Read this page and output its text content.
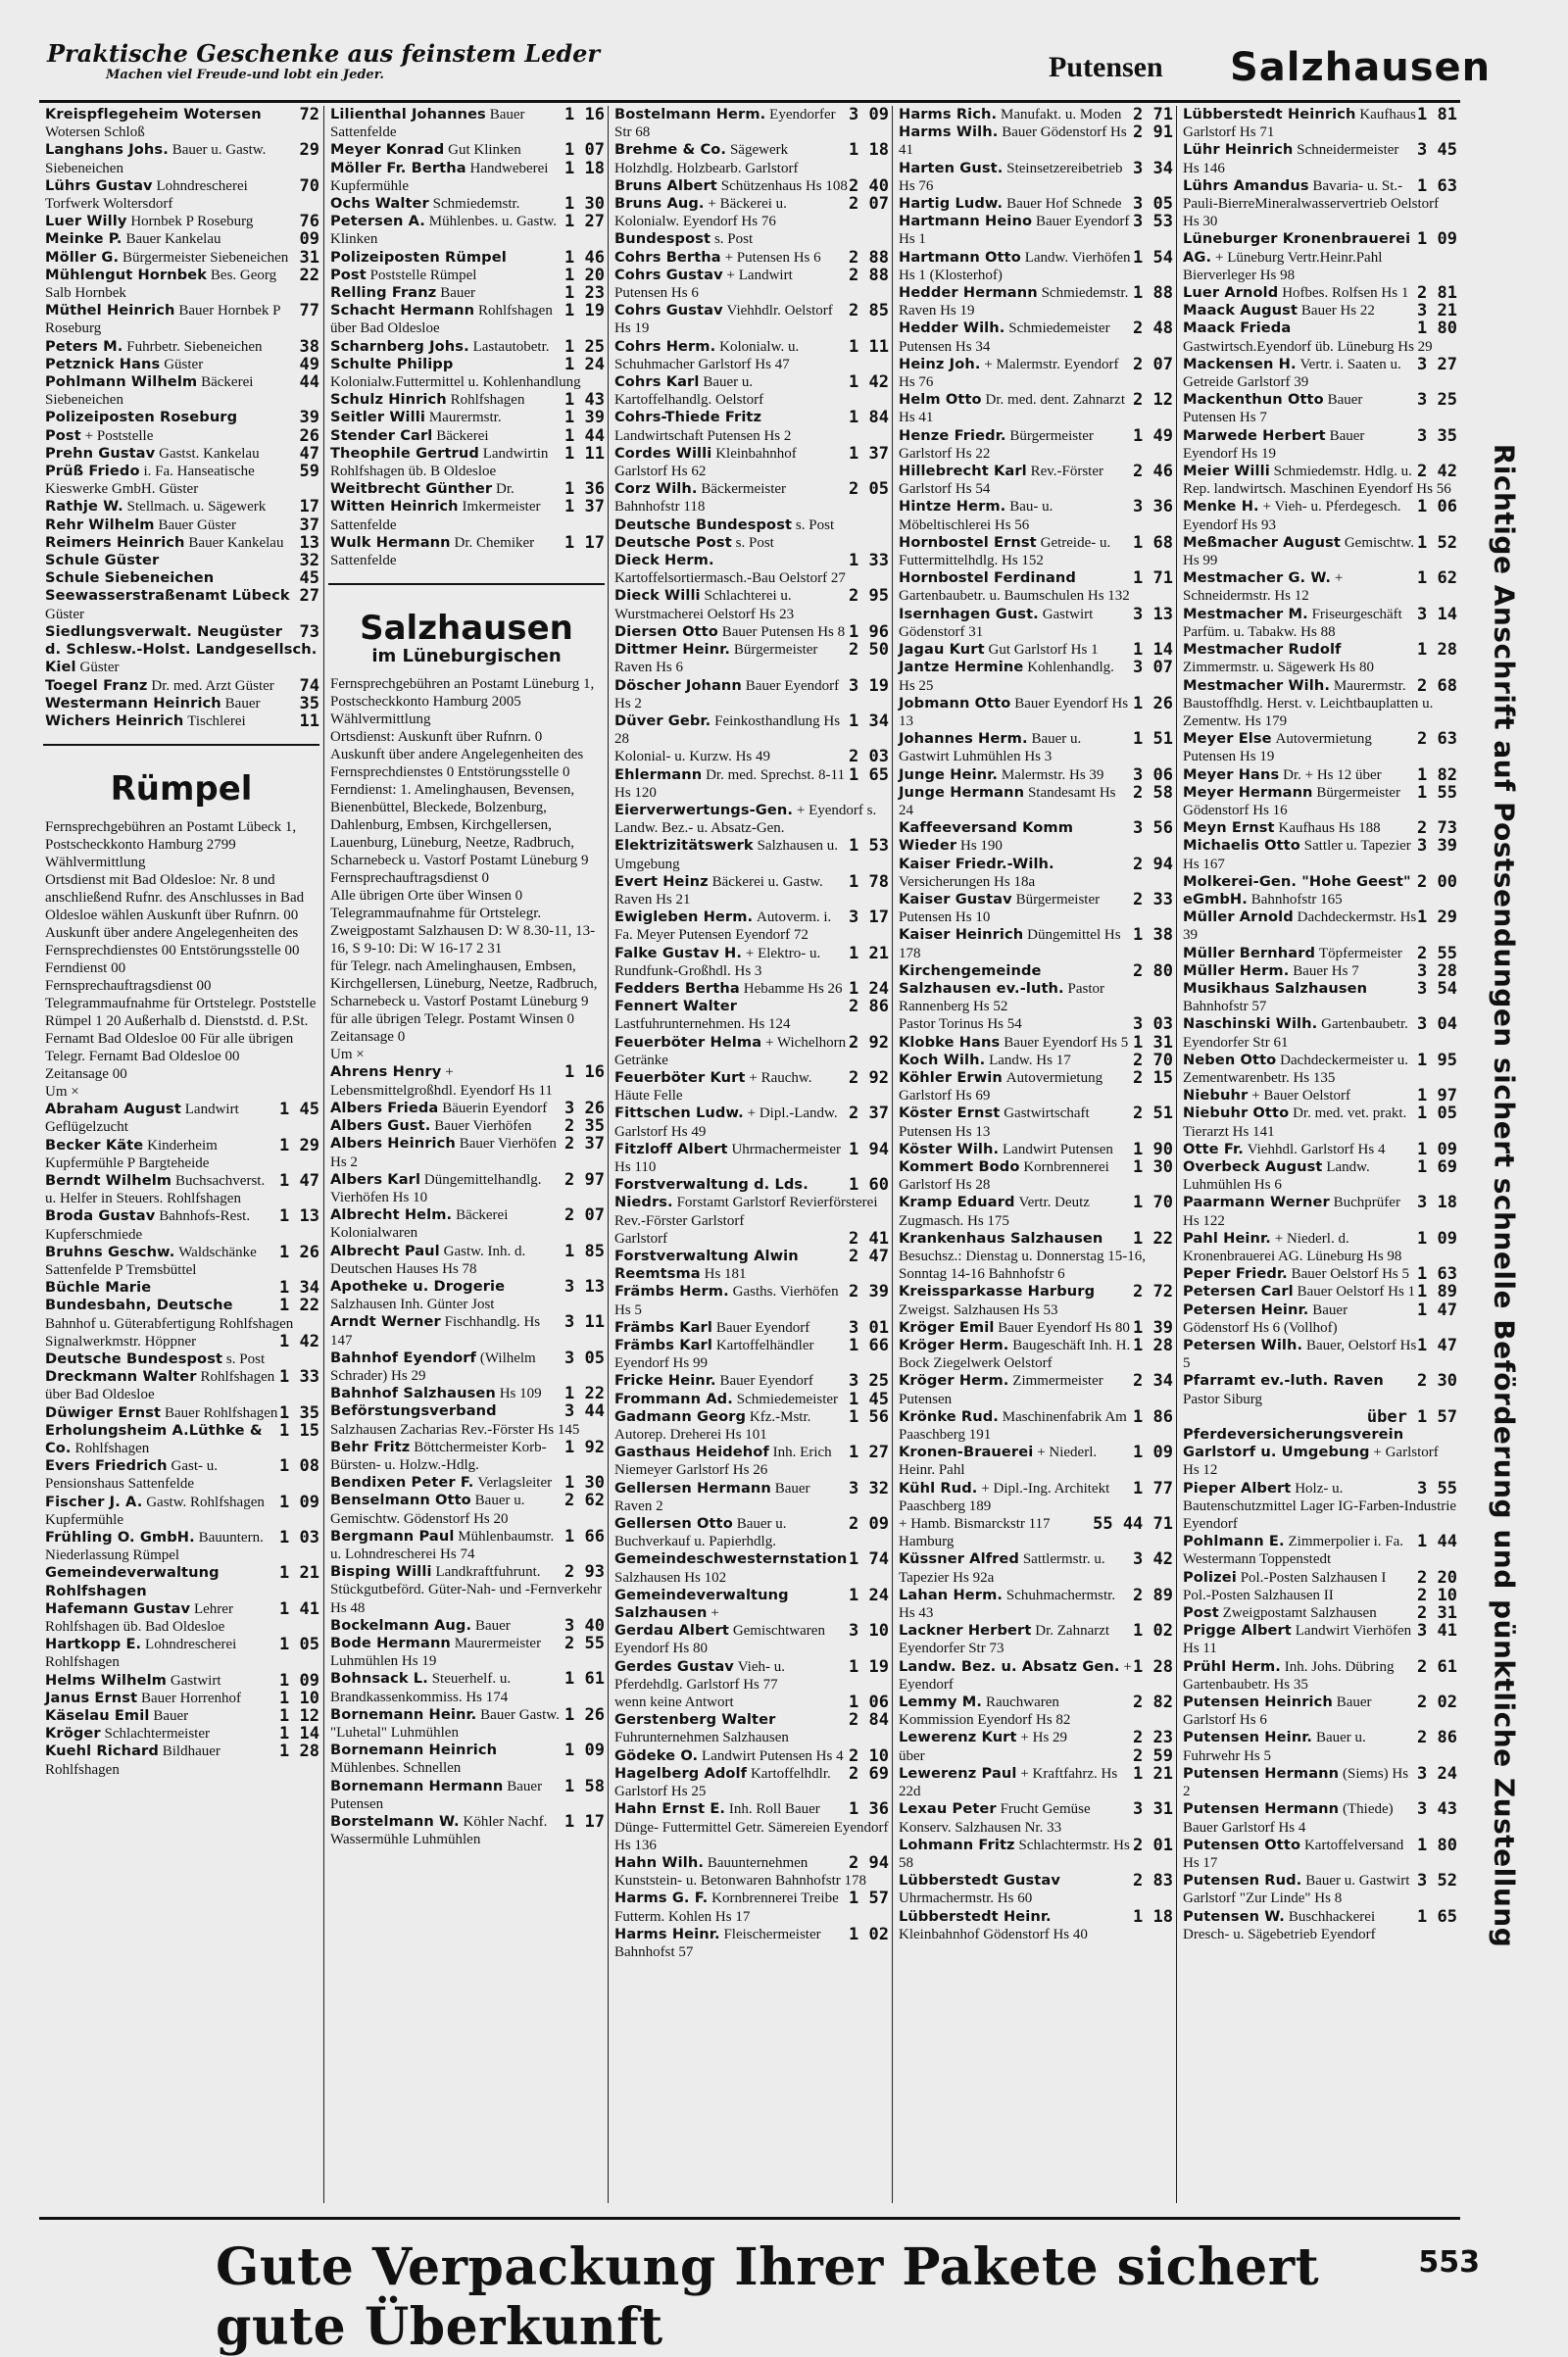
Praktische Geschenke aus feinstem Leder
Machen viel Freude-und lobt ein Jeder.	Putensen Salzhausen
72
Kreispflegeheim Wotersen Wotersen Schloß
29
Langhans Johs. Bauer u. Gastw. Siebeneichen
70
Lührs Gustav Lohndrescherei Torfwerk Woltersdorf
76
Luer Willy Hornbek P Roseburg
09
Meinke P. Bauer Kankelau
31
Möller G. Bürgermeister Siebeneichen
22
Mühlengut Hornbek Bes. Georg Salb Hornbek
77
Müthel Heinrich Bauer Hornbek P Roseburg
38
Peters M. Fuhrbetr. Siebeneichen
49
Petznick Hans Güster
44
Pohlmann Wilhelm Bäckerei Siebeneichen
39
Polizeiposten Roseburg
26
Post + Poststelle
47
Prehn Gustav Gastst. Kankelau
59
Prüß Friedo i. Fa. Hanseatische Kieswerke GmbH. Güster
17
Rathje W. Stellmach. u. Sägewerk
37
Rehr Wilhelm Bauer Güster
13
Reimers Heinrich Bauer Kankelau
32
Schule Güster
45
Schule Siebeneichen
27
Seewasserstraßenamt Lübeck Güster
73
Siedlungsverwalt. Neugüster d. Schlesw.-Holst. Landgesellsch. Kiel Güster
74
Toegel Franz Dr. med. Arzt Güster
35
Westermann Heinrich Bauer
11
Wichers Heinrich Tischlerei
Rümpel
Fernsprechgebühren an Postamt Lübeck 1, Postscheckkonto Hamburg 2799
Wählvermittlung
Ortsdienst mit Bad Oldesloe: Nr. 8 und anschließend Rufnr. des Anschlusses in Bad Oldesloe wählen Auskunft über Rufnrn. 00
Auskunft über andere Angelegenheiten des Fernsprechdienstes 00 Entstörungsstelle 00
Ferndienst 00
Fernsprechauftragsdienst 00
Telegrammaufnahme für Ortstelegr. Poststelle Rümpel 1 20 Außerhalb d. Dienststd. d. P.St. Fernamt Bad Oldesloe 00 Für alle übrigen Telegr. Fernamt Bad Oldesloe 00
Zeitansage 00
Um ×
1 45
Abraham August Landwirt Geflügelzucht
1 29
Becker Käte Kinderheim Kupfermühle P Bargteheide
1 47
Berndt Wilhelm Buchsachverst. u. Helfer in Steuers. Rohlfshagen
1 13
Broda Gustav Bahnhofs-Rest. Kupferschmiede
1 26
Bruhns Geschw. Waldschänke Sattenfelde P Tremsbüttel
1 34
Büchle Marie
1 22
Bundesbahn, Deutsche Bahnhof u. Güterabfertigung Rohlfshagen
1 42
Signalwerkmstr. Höppner
Deutsche Bundespost s. Post
1 33
Dreckmann Walter Rohlfshagen über Bad Oldesloe
1 35
Düwiger Ernst Bauer Rohlfshagen
1 15
Erholungsheim A.Lüthke & Co. Rohlfshagen
1 08
Evers Friedrich Gast- u. Pensionshaus Sattenfelde
1 09
Fischer J. A. Gastw. Rohlfshagen Kupfermühle
1 03
Frühling O. GmbH. Bauuntern. Niederlassung Rümpel
1 21
Gemeindeverwaltung Rohlfshagen
1 41
Hafemann Gustav Lehrer Rohlfshagen üb. Bad Oldesloe
1 05
Hartkopp E. Lohndrescherei Rohlfshagen
1 09
Helms Wilhelm Gastwirt
1 10
Janus Ernst Bauer Horrenhof
1 12
Käselau Emil Bauer
1 14
Kröger Schlachtermeister
1 28
Kuehl Richard Bildhauer Rohlfshagen
1 16
Lilienthal Johannes Bauer Sattenfelde
1 07
Meyer Konrad Gut Klinken
1 18
Möller Fr. Bertha Handweberei Kupfermühle
1 30
Ochs Walter Schmiedemstr.
1 27
Petersen A. Mühlenbes. u. Gastw. Klinken
1 46
Polizeiposten Rümpel
1 20
Post Poststelle Rümpel
1 23
Relling Franz Bauer
1 19
Schacht Hermann Rohlfshagen über Bad Oldesloe
1 25
Scharnberg Johs. Lastautobetr.
1 24
Schulte Philipp Kolonialw.Futtermittel u. Kohlenhandlung
1 43
Schulz Hinrich Rohlfshagen
1 39
Seitler Willi Maurermstr.
1 44
Stender Carl Bäckerei
1 11
Theophile Gertrud Landwirtin Rohlfshagen üb. B Oldesloe
1 36
Weitbrecht Günther Dr.
1 37
Witten Heinrich Imkermeister Sattenfelde
1 17
Wulk Hermann Dr. Chemiker Sattenfelde
Salzhausen
im Lüneburgischen
Fernsprechgebühren an Postamt Lüneburg 1, Postscheckkonto Hamburg 2005
Wählvermittlung
Ortsdienst: Auskunft über Rufnrn. 0
Auskunft über andere Angelegenheiten des Fernsprechdienstes 0 Entstörungsstelle 0
Ferndienst: 1. Amelinghausen, Bevensen, Bienenbüttel, Bleckede, Bolzenburg, Dahlenburg, Embsen, Kirchgellersen, Lauenburg, Lüneburg, Neetze, Radbruch, Scharnebeck u. Vastorf Postamt Lüneburg 9
Fernsprechauftragsdienst 0
Alle übrigen Orte über Winsen 0
Telegrammaufnahme für Ortstelegr. Zweigpostamt Salzhausen D: W 8.30-11, 13-16, S 9-10: Di: W 16-17 2 31
für Telegr. nach Amelinghausen, Embsen, Kirchgellersen, Lüneburg, Neetze, Radbruch, Scharnebeck u. Vastorf Postamt Lüneburg 9 für alle übrigen Telegr. Postamt Winsen 0
Zeitansage 0
Um ×
1 16
Ahrens Henry + Lebensmittelgroßhdl. Eyendorf Hs 11
3 26
Albers Frieda Bäuerin Eyendorf
2 35
Albers Gust. Bauer Vierhöfen
2 37
Albers Heinrich Bauer Vierhöfen Hs 2
2 97
Albers Karl Düngemittelhandlg. Vierhöfen Hs 10
2 07
Albrecht Helm. Bäckerei Kolonialwaren
1 85
Albrecht Paul Gastw. Inh. d. Deutschen Hauses Hs 78
3 13
Apotheke u. Drogerie Salzhausen Inh. Günter Jost
3 11
Arndt Werner Fischhandlg. Hs 147
3 05
Bahnhof Eyendorf (Wilhelm Schrader) Hs 29
1 22
Bahnhof Salzhausen Hs 109
3 44
Beförstungsverband Salzhausen Zacharias Rev.-Förster Hs 145
1 92
Behr Fritz Böttchermeister Korb- Bürsten- u. Holzw.-Hdlg.
1 30
Bendixen Peter F. Verlagsleiter
2 62
Benselmann Otto Bauer u. Gemischtw. Gödenstorf Hs 20
1 66
Bergmann Paul Mühlenbaumstr. u. Lohndrescherei Hs 74
2 93
Bisping Willi Landkraftfuhrunt. Stückgutbeförd. Güter-Nah- und -Fernverkehr Hs 48
3 40
Bockelmann Aug. Bauer
2 55
Bode Hermann Maurermeister Luhmühlen Hs 19
1 61
Bohnsack L. Steuerhelf. u. Brandkassenkommiss. Hs 174
1 26
Bornemann Heinr. Bauer Gastw. "Luhetal" Luhmühlen
1 09
Bornemann Heinrich Mühlenbes. Schnellen
1 58
Bornemann Hermann Bauer Putensen
1 17
Borstelmann W. Köhler Nachf. Wassermühle Luhmühlen
3 09
Bostelmann Herm. Eyendorfer Str 68
1 18
Brehme & Co. Sägewerk Holzhdlg. Holzbearb. Garlstorf
2 40
Bruns Albert Schützenhaus Hs 108
2 07
Bruns Aug. + Bäckerei u. Kolonialw. Eyendorf Hs 76
Bundespost s. Post
2 88
Cohrs Bertha + Putensen Hs 6
2 88
Cohrs Gustav + Landwirt Putensen Hs 6
2 85
Cohrs Gustav Viehhdlr. Oelstorf Hs 19
1 11
Cohrs Herm. Kolonialw. u. Schuhmacher Garlstorf Hs 47
1 42
Cohrs Karl Bauer u. Kartoffelhandlg. Oelstorf
1 84
Cohrs-Thiede Fritz Landwirtschaft Putensen Hs 2
1 37
Cordes Willi Kleinbahnhof Garlstorf Hs 62
2 05
Corz Wilh. Bäckermeister Bahnhofstr 118
Deutsche Bundespost s. Post
Deutsche Post s. Post
1 33
Dieck Herm. Kartoffelsortiermasch.-Bau Oelstorf 27
2 95
Dieck Willi Schlachterei u. Wurstmacherei Oelstorf Hs 23
1 96
Diersen Otto Bauer Putensen Hs 8
2 50
Dittmer Heinr. Bürgermeister Raven Hs 6
3 19
Döscher Johann Bauer Eyendorf Hs 2
1 34
Düver Gebr. Feinkosthandlung Hs 28
2 03
Kolonial- u. Kurzw. Hs 49
1 65
Ehlermann Dr. med. Sprechst. 8-11 Hs 120
Eierverwertungs-Gen. + Eyendorf s. Landw. Bez.- u. Absatz-Gen.
1 53
Elektrizitätswerk Salzhausen u. Umgebung
1 78
Evert Heinz Bäckerei u. Gastw. Raven Hs 21
3 17
Ewigleben Herm. Autoverm. i. Fa. Meyer Putensen Eyendorf 72
1 21
Falke Gustav H. + Elektro- u. Rundfunk-Großhdl. Hs 3
1 24
Fedders Bertha Hebamme Hs 26
2 86
Fennert Walter Lastfuhrunternehmen. Hs 124
2 92
Feuerböter Helma + Wichelhorn Getränke
2 92
Feuerböter Kurt + Rauchw. Häute Felle
2 37
Fittschen Ludw. + Dipl.-Landw. Garlstorf Hs 49
1 94
Fitzloff Albert Uhrmachermeister Hs 110
1 60
Forstverwaltung d. Lds. Niedrs. Forstamt Garlstorf Revierförsterei Rev.-Förster Garlstorf
2 41
Garlstorf
2 47
Forstverwaltung Alwin Reemtsma Hs 181
2 39
Främbs Herm. Gasths. Vierhöfen Hs 5
3 01
Främbs Karl Bauer Eyendorf
1 66
Främbs Karl Kartoffelhändler Eyendorf Hs 99
3 25
Fricke Heinr. Bauer Eyendorf
1 45
Frommann Ad. Schmiedemeister
1 56
Gadmann Georg Kfz.-Mstr. Autorep. Dreherei Hs 101
1 27
Gasthaus Heidehof Inh. Erich Niemeyer Garlstorf Hs 26
3 32
Gellersen Hermann Bauer Raven 2
2 09
Gellersen Otto Bauer u. Buchverkauf u. Papierhdlg.
1 74
Gemeindeschwesternstation Salzhausen Hs 102
1 24
Gemeindeverwaltung Salzhausen +
3 10
Gerdau Albert Gemischtwaren Eyendorf Hs 80
1 19
Gerdes Gustav Vieh- u. Pferdehdlg. Garlstorf Hs 77
1 06
wenn keine Antwort
2 84
Gerstenberg Walter Fuhrunternehmen Salzhausen
2 10
Gödeke O. Landwirt Putensen Hs 4
2 69
Hagelberg Adolf Kartoffelhdlr. Garlstorf Hs 25
1 36
Hahn Ernst E. Inh. Roll Bauer Dünge- Futtermittel Getr. Sämereien Eyendorf Hs 136
2 94
Hahn Wilh. Bauunternehmen Kunststein- u. Betonwaren Bahnhofstr 178
1 57
Harms G. F. Kornbrennerei Treibe Futterm. Kohlen Hs 17
1 02
Harms Heinr. Fleischermeister Bahnhofst 57
2 71
Harms Rich. Manufakt. u. Moden
2 91
Harms Wilh. Bauer Gödenstorf Hs 41
3 34
Harten Gust. Steinsetzereibetrieb Hs 76
3 05
Hartig Ludw. Bauer Hof Schnede
3 53
Hartmann Heino Bauer Eyendorf Hs 1
1 54
Hartmann Otto Landw. Vierhöfen Hs 1 (Klosterhof)
1 88
Hedder Hermann Schmiedemstr. Raven Hs 19
2 48
Hedder Wilh. Schmiedemeister Putensen Hs 34
2 07
Heinz Joh. + Malermstr. Eyendorf Hs 76
2 12
Helm Otto Dr. med. dent. Zahnarzt Hs 41
1 49
Henze Friedr. Bürgermeister Garlstorf Hs 22
2 46
Hillebrecht Karl Rev.-Förster Garlstorf Hs 54
3 36
Hintze Herm. Bau- u. Möbeltischlerei Hs 56
1 68
Hornbostel Ernst Getreide- u. Futtermittelhdlg. Hs 152
1 71
Hornbostel Ferdinand Gartenbaubetr. u. Baumschulen Hs 132
3 13
Isernhagen Gust. Gastwirt Gödenstorf 31
1 14
Jagau Kurt Gut Garlstorf Hs 1
3 07
Jantze Hermine Kohlenhandlg. Hs 25
1 26
Jobmann Otto Bauer Eyendorf Hs 13
1 51
Johannes Herm. Bauer u. Gastwirt Luhmühlen Hs 3
3 06
Junge Heinr. Malermstr. Hs 39
2 58
Junge Hermann Standesamt Hs 24
3 56
Kaffeeversand Komm Wieder Hs 190
2 94
Kaiser Friedr.-Wilh. Versicherungen Hs 18a
2 33
Kaiser Gustav Bürgermeister Putensen Hs 10
1 38
Kaiser Heinrich Düngemittel Hs 178
2 80
Kirchengemeinde Salzhausen ev.-luth. Pastor Rannenberg Hs 52
3 03
Pastor Torinus Hs 54
1 31
Klobke Hans Bauer Eyendorf Hs 5
2 70
Koch Wilh. Landw. Hs 17
2 15
Köhler Erwin Autovermietung Garlstorf Hs 69
2 51
Köster Ernst Gastwirtschaft Putensen Hs 13
1 90
Köster Wilh. Landwirt Putensen
1 30
Kommert Bodo Kornbrennerei Garlstorf Hs 28
1 70
Kramp Eduard Vertr. Deutz Zugmasch. Hs 175
1 22
Krankenhaus Salzhausen Besuchsz.: Dienstag u. Donnerstag 15-16, Sonntag 14-16 Bahnhofstr 6
2 72
Kreissparkasse Harburg Zweigst. Salzhausen Hs 53
1 39
Kröger Emil Bauer Eyendorf Hs 80
1 28
Kröger Herm. Baugeschäft Inh. H. Bock Ziegelwerk Oelstorf
2 34
Kröger Herm. Zimmermeister Putensen
1 86
Krönke Rud. Maschinenfabrik Am Paaschberg 191
1 09
Kronen-Brauerei + Niederl. Heinr. Pahl
1 77
Kühl Rud. + Dipl.-Ing. Architekt Paaschberg 189
55 44 71
+ Hamb. Bismarckstr 117 Hamburg
3 42
Küssner Alfred Sattlermstr. u. Tapezier Hs 92a
2 89
Lahan Herm. Schuhmachermstr. Hs 43
1 02
Lackner Herbert Dr. Zahnarzt Eyendorfer Str 73
1 28
Landw. Bez. u. Absatz Gen. + Eyendorf
2 82
Lemmy M. Rauchwaren Kommission Eyendorf Hs 82
2 23
Lewerenz Kurt + Hs 29
2 59
über
1 21
Lewerenz Paul + Kraftfahrz. Hs 22d
3 31
Lexau Peter Frucht Gemüse Konserv. Salzhausen Nr. 33
2 01
Lohmann Fritz Schlachtermstr. Hs 58
2 83
Lübberstedt Gustav Uhrmachermstr. Hs 60
1 18
Lübberstedt Heinr. Kleinbahnhof Gödenstorf Hs 40
1 81
Lübberstedt Heinrich Kaufhaus Garlstorf Hs 71
3 45
Lühr Heinrich Schneidermeister Hs 146
1 63
Lührs Amandus Bavaria- u. St.-Pauli-BierreMineralwasservertrieb Oelstorf Hs 30
1 09
Lüneburger Kronenbrauerei AG. + Lüneburg Vertr.Heinr.Pahl Bierverleger Hs 98
2 81
Luer Arnold Hofbes. Rolfsen Hs 1
3 21
Maack August Bauer Hs 22
1 80
Maack Frieda Gastwirtsch.Eyendorf üb. Lüneburg Hs 29
3 27
Mackensen H. Vertr. i. Saaten u. Getreide Garlstorf 39
3 25
Mackenthun Otto Bauer Putensen Hs 7
3 35
Marwede Herbert Bauer Eyendorf Hs 19
2 42
Meier Willi Schmiedemstr. Hdlg. u. Rep. landwirtsch. Maschinen Eyendorf Hs 56
1 06
Menke H. + Vieh- u. Pferdegesch. Eyendorf Hs 93
1 52
Meßmacher August Gemischtw. Hs 99
1 62
Mestmacher G. W. + Schneidermstr. Hs 12
3 14
Mestmacher M. Friseurgeschäft Parfüm. u. Tabakw. Hs 88
1 28
Mestmacher Rudolf Zimmermstr. u. Sägewerk Hs 80
2 68
Mestmacher Wilh. Maurermstr. Baustoffhdlg. Herst. v. Leichtbauplatten u. Zementw. Hs 179
2 63
Meyer Else Autovermietung Putensen Hs 19
1 82
Meyer Hans Dr. + Hs 12 über
1 55
Meyer Hermann Bürgermeister Gödenstorf Hs 16
2 73
Meyn Ernst Kaufhaus Hs 188
3 39
Michaelis Otto Sattler u. Tapezier Hs 167
2 00
Molkerei-Gen. "Hohe Geest" eGmbH. Bahnhofstr 165
1 29
Müller Arnold Dachdeckermstr. Hs 39
2 55
Müller Bernhard Töpfermeister
3 28
Müller Herm. Bauer Hs 7
3 54
Musikhaus Salzhausen Bahnhofstr 57
3 04
Naschinski Wilh. Gartenbaubetr. Eyendorfer Str 61
1 95
Neben Otto Dachdeckermeister u. Zementwarenbetr. Hs 135
1 97
Niebuhr + Bauer Oelstorf
1 05
Niebuhr Otto Dr. med. vet. prakt. Tierarzt Hs 141
1 09
Otte Fr. Viehhdl. Garlstorf Hs 4
1 69
Overbeck August Landw. Luhmühlen Hs 6
3 18
Paarmann Werner Buchprüfer Hs 122
1 09
Pahl Heinr. + Niederl. d. Kronenbrauerei AG. Lüneburg Hs 98
1 63
Peper Friedr. Bauer Oelstorf Hs 5
1 89
Petersen Carl Bauer Oelstorf Hs 1
1 47
Petersen Heinr. Bauer Gödenstorf Hs 6 (Vollhof)
1 47
Petersen Wilh. Bauer, Oelstorf Hs 5
2 30
Pfarramt ev.-luth. Raven Pastor Siburg
über 1 57
Pferdeversicherungsverein Garlstorf u. Umgebung + Garlstorf Hs 12
3 55
Pieper Albert Holz- u. Bautenschutzmittel Lager IG-Farben-Industrie Eyendorf
1 44
Pohlmann E. Zimmerpolier i. Fa. Westermann Toppenstedt
2 20
Polizei Pol.-Posten Salzhausen I
2 10
Pol.-Posten Salzhausen II
2 31
Post Zweigpostamt Salzhausen
3 41
Prigge Albert Landwirt Vierhöfen Hs 11
2 61
Prühl Herm. Inh. Johs. Dübring Gartenbaubetr. Hs 35
2 02
Putensen Heinrich Bauer Garlstorf Hs 6
2 86
Putensen Heinr. Bauer u. Fuhrwehr Hs 5
3 24
Putensen Hermann (Siems) Hs 2
3 43
Putensen Hermann (Thiede) Bauer Garlstorf Hs 4
1 80
Putensen Otto Kartoffelversand Hs 17
3 52
Putensen Rud. Bauer u. Gastwirt Garlstorf "Zur Linde" Hs 8
1 65
Putensen W. Buschhackerei Dresch- u. Sägebetrieb Eyendorf	Richtige Anschrift auf Postsendungen sichert schnelle Beförderung und pünktliche Zustellung
Gute Verpackung Ihrer Pakete sichert gute Überkunft
553
